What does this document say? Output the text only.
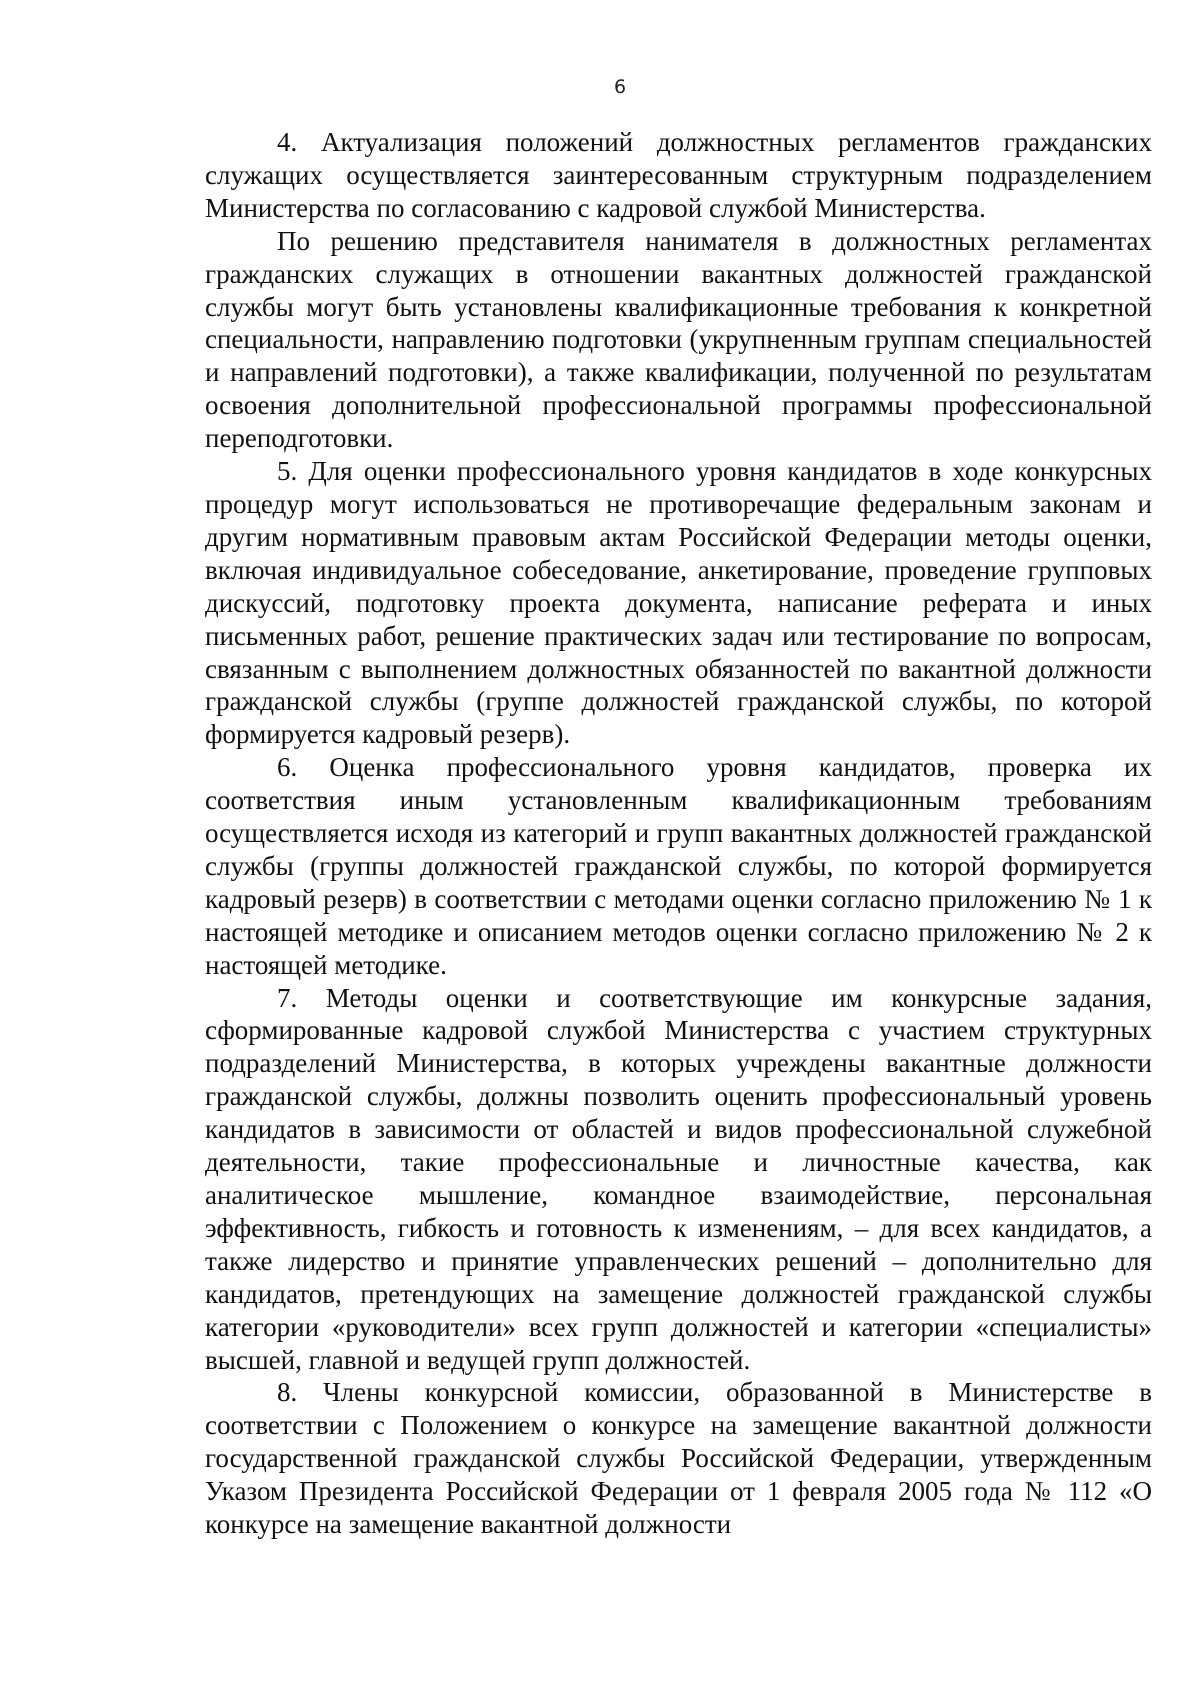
6

4. Актуализация положений должностных регламентов гражданских служащих осуществляется заинтересованным структурным подразделением Министерства по согласованию с кадровой службой Министерства.

По решению представителя нанимателя в должностных регламентах гражданских служащих в отношении вакантных должностей гражданской службы могут быть установлены квалификационные требования к конкретной специальности, направлению подготовки (укрупненным группам специальностей и направлений подготовки), а также квалификации, полученной по результатам освоения дополнительной профессиональной программы профессиональной переподготовки.

5. Для оценки профессионального уровня кандидатов в ходе конкурсных процедур могут использоваться не противоречащие федеральным законам и другим нормативным правовым актам Российской Федерации методы оценки, включая индивидуальное собеседование, анкетирование, проведение групповых дискуссий, подготовку проекта документа, написание реферата и иных письменных работ, решение практических задач или тестирование по вопросам, связанным с выполнением должностных обязанностей по вакантной должности гражданской службы (группе должностей гражданской службы, по которой формируется кадровый резерв).

6. Оценка профессионального уровня кандидатов, проверка их соответствия иным установленным квалификационным требованиям осуществляется исходя из категорий и групп вакантных должностей гражданской службы (группы должностей гражданской службы, по которой формируется кадровый резерв) в соответствии с методами оценки согласно приложению № 1 к настоящей методике и описанием методов оценки согласно приложению № 2 к настоящей методике.

7. Методы оценки и соответствующие им конкурсные задания, сформированные кадровой службой Министерства с участием структурных подразделений Министерства, в которых учреждены вакантные должности гражданской службы, должны позволить оценить профессиональный уровень кандидатов в зависимости от областей и видов профессиональной служебной деятельности, такие профессиональные и личностные качества, как аналитическое мышление, командное взаимодействие, персональная эффективность, гибкость и готовность к изменениям, – для всех кандидатов, а также лидерство и принятие управленческих решений – дополнительно для кандидатов, претендующих на замещение должностей гражданской службы категории «руководители» всех групп должностей и категории «специалисты» высшей, главной и ведущей групп должностей.

8. Члены конкурсной комиссии, образованной в Министерстве в соответствии с Положением о конкурсе на замещение вакантной должности государственной гражданской службы Российской Федерации, утвержденным Указом Президента Российской Федерации от 1 февраля 2005 года № 112 «О конкурсе на замещение вакантной должности
